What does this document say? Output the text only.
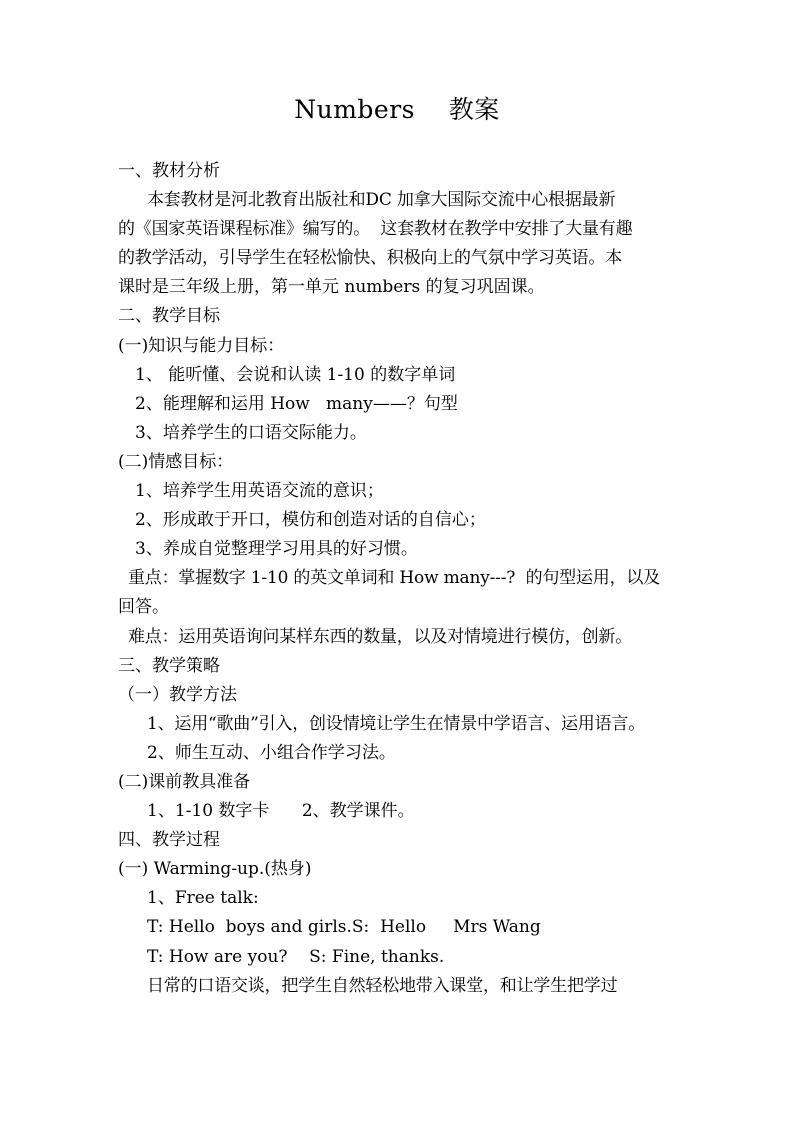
Numbers    教案
一、教材分析
本套教材是河北教育出版社和DC 加拿大国际交流中心根据最新
的《国家英语课程标准》编写的。  这套教材在教学中安排了大量有趣
的教学活动，引导学生在轻松愉快、积极向上的气氛中学习英语。本
课时是三年级上册，第一单元 numbers 的复习巩固课。
二、教学目标
(一)知识与能力目标：
1、 能听懂、会说和认读 1-10 的数字单词
2、能理解和运用 How   many——？句型
3、培养学生的口语交际能力。
(二)情感目标：
1、培养学生用英语交流的意识；
2、形成敢于开口，模仿和创造对话的自信心；
3、养成自觉整理学习用具的好习惯。
重点：掌握数字 1-10 的英文单词和 How many---?  的句型运用，以及
回答。
难点：运用英语询问某样东西的数量，以及对情境进行模仿，创新。
三、教学策略
（一）教学方法
1、运用“歌曲”引入，创设情境让学生在情景中学语言、运用语言。
2、师生互动、小组合作学习法。
(二)课前教具准备
1、1-10 数字卡      2、教学课件。
四、教学过程
(一) Warming-up.(热身)
1、Free talk:
T: Hello  boys and girls.S:  Hello     Mrs Wang
T: How are you?    S: Fine, thanks.
日常的口语交谈，把学生自然轻松地带入课堂，和让学生把学过
